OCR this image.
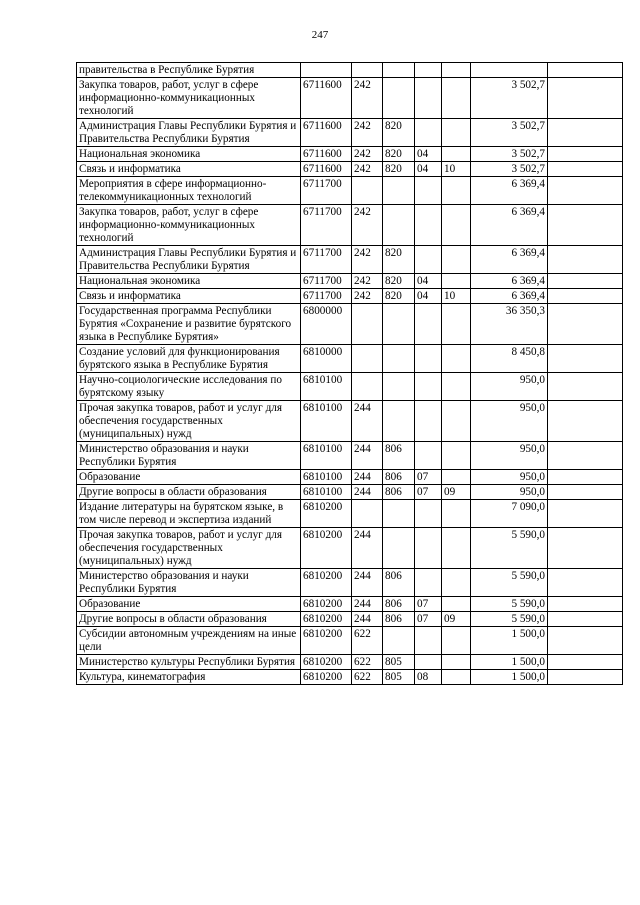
247
правительства в Республике Бурятия							
Закупка товаров, работ, услуг в сфере информационно-коммуникационных технологий	6711600	242				3 502,7	
Администрация Главы Республики Бурятия и Правительства Республики Бурятия	6711600	242	820			3 502,7	
Национальная экономика	6711600	242	820	04		3 502,7	
Связь и информатика	6711600	242	820	04	10	3 502,7	
Мероприятия в сфере информационно-телекоммуникационных технологий	6711700					6 369,4	
Закупка товаров, работ, услуг в сфере информационно-коммуникационных технологий	6711700	242				6 369,4	
Администрация Главы Республики Бурятия и Правительства Республики Бурятия	6711700	242	820			6 369,4	
Национальная экономика	6711700	242	820	04		6 369,4	
Связь и информатика	6711700	242	820	04	10	6 369,4	
Государственная программа Республики Бурятия «Сохранение и развитие бурятского языка в Республике Бурятия»	6800000					36 350,3	
Создание условий для функционирования бурятского языка в Республике Бурятия	6810000					8 450,8	
Научно-социологические исследования по бурятскому языку	6810100					950,0	
Прочая закупка товаров, работ и услуг для обеспечения государственных (муниципальных) нужд	6810100	244				950,0	
Министерство образования и науки Республики Бурятия	6810100	244	806			950,0	
Образование	6810100	244	806	07		950,0	
Другие вопросы в области образования	6810100	244	806	07	09	950,0	
Издание литературы на бурятском языке, в том числе перевод и экспертиза изданий	6810200					7 090,0	
Прочая закупка товаров, работ и услуг для обеспечения государственных (муниципальных) нужд	6810200	244				5 590,0	
Министерство образования и науки Республики Бурятия	6810200	244	806			5 590,0	
Образование	6810200	244	806	07		5 590,0	
Другие вопросы в области образования	6810200	244	806	07	09	5 590,0	
Субсидии автономным учреждениям на иные цели	6810200	622				1 500,0	
Министерство культуры Республики Бурятия	6810200	622	805			1 500,0	
Культура, кинематография	6810200	622	805	08		1 500,0	
